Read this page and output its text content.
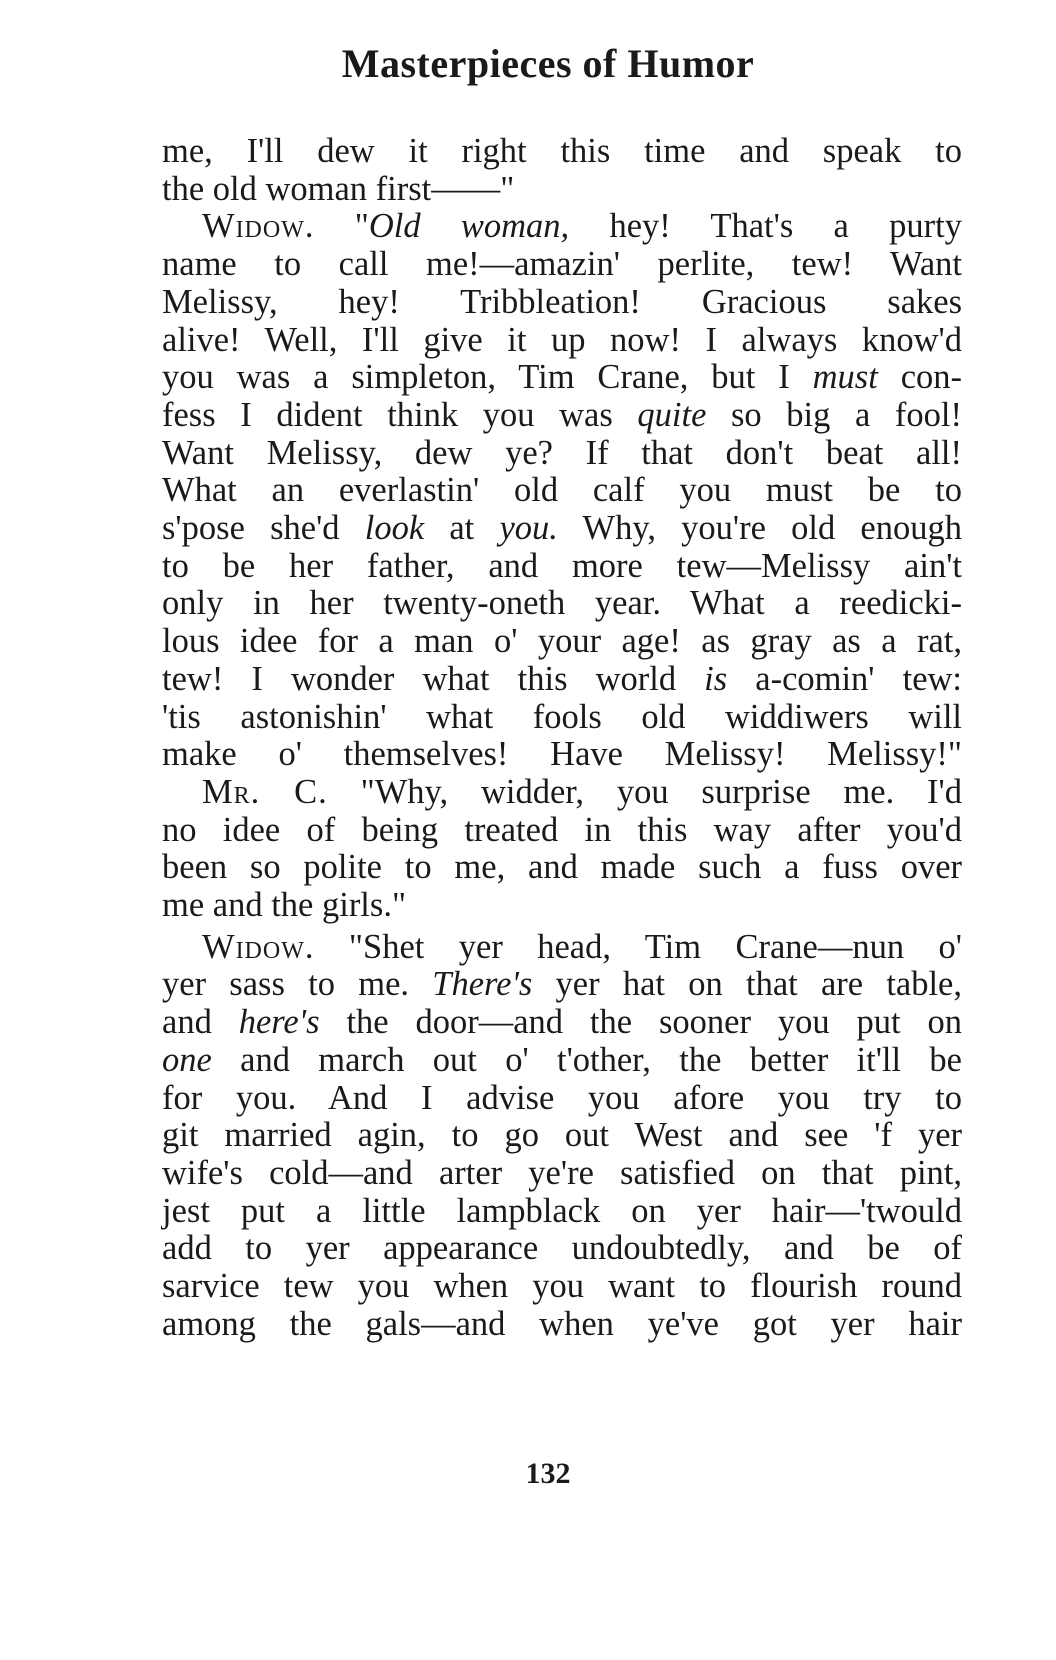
Masterpieces of Humor
me, I'll dew it right this time and speak to
the old woman first——"
Widow. "Old woman, hey! That's a purty
name to call me!—amazin' perlite, tew! Want
Melissy, hey! Tribbleation! Gracious sakes
alive! Well, I'll give it up now! I always know'd
you was a simpleton, Tim Crane, but I must con-
fess I dident think you was quite so big a fool!
Want Melissy, dew ye? If that don't beat all!
What an everlastin' old calf you must be to
s'pose she'd look at you. Why, you're old enough
to be her father, and more tew—Melissy ain't
only in her twenty-oneth year. What a reedicki-
lous idee for a man o' your age! as gray as a rat,
tew! I wonder what this world is a-comin' tew:
'tis astonishin' what fools old widdiwers will
make o' themselves! Have Melissy! Melissy!"
Mr. C. "Why, widder, you surprise me. I'd
no idee of being treated in this way after you'd
been so polite to me, and made such a fuss over
me and the girls."
Widow. "Shet yer head, Tim Crane—nun o'
yer sass to me. There's yer hat on that are table,
and here's the door—and the sooner you put on
one and march out o' t'other, the better it'll be
for you. And I advise you afore you try to
git married agin, to go out West and see 'f yer
wife's cold—and arter ye're satisfied on that pint,
jest put a little lampblack on yer hair—'twould
add to yer appearance undoubtedly, and be of
sarvice tew you when you want to flourish round
among the gals—and when ye've got yer hair
132
